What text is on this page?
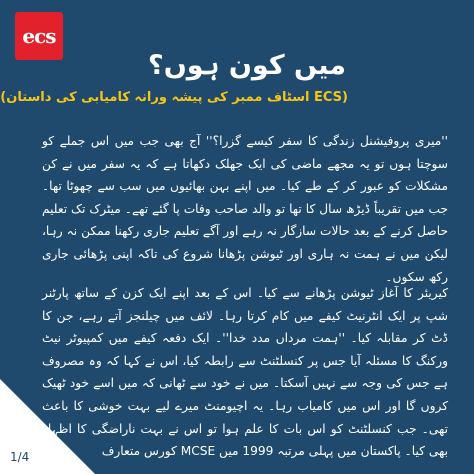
ecs
میں کون ہوں؟
(ECS اسٹاف ممبر کی پیشہ ورانہ کامیابی کی داستان)
''میری پروفیشنل زندگی کا سفر کیسے گزرا؟'' آج بھی جب میں اس جملے کو سوچتا ہوں تو یہ مجھے ماضی کی ایک جھلک دکھاتا ہے کہ یہ سفر میں نے کن مشکلات کو عبور کر کے طے کیا۔ میں اپنے بہن بھائیوں میں سب سے چھوٹا تھا۔ جب میں تقریباً ڈیڑھ سال کا تھا تو والد صاحب وفات پا گئے تھے۔ میٹرک تک تعلیم حاصل کرنے کے بعد حالات سازگار نہ رہے اور آگے تعلیم جاری رکھنا ممکن نہ رہا، لیکن میں نے ہمت نہ ہاری اور ٹیوشن پڑھانا شروع کی تاکہ اپنی پڑھائی جاری رکھ سکوں۔
کیریئر کا آغاز ٹیوشن پڑھانے سے کیا۔ اس کے بعد اپنے ایک کزن کے ساتھ پارٹنر شپ پر ایک انٹرنیٹ کیفے میں کام کرتا رہا۔ لائف میں چیلنجز آتے رہے، جن کا ڈٹ کر مقابلہ کیا۔ ''ہمت مرداں مدد خدا''۔ ایک دفعہ کیفے میں کمپیوٹر نیٹ ورکنگ کا مسئلہ آیا جس پر کنسلٹنٹ سے رابطہ کیا، اس نے کہا کہ وہ مصروف ہے جس کی وجہ سے نہیں آسکتا۔ میں نے خود سے ٹھانی کہ میں اسے خود ٹھیک کروں گا اور اس میں کامیاب رہا۔ یہ اچیومنٹ میرے لیے بہت خوشی کا باعث تھی۔ جب کنسلٹنٹ کو اس بات کا علم ہوا تو اس نے بہت ناراضگی کا اظہار بھی کیا۔ پاکستان میں پہلی مرتبہ 1999 میں MCSE کورس متعارف
1/4
